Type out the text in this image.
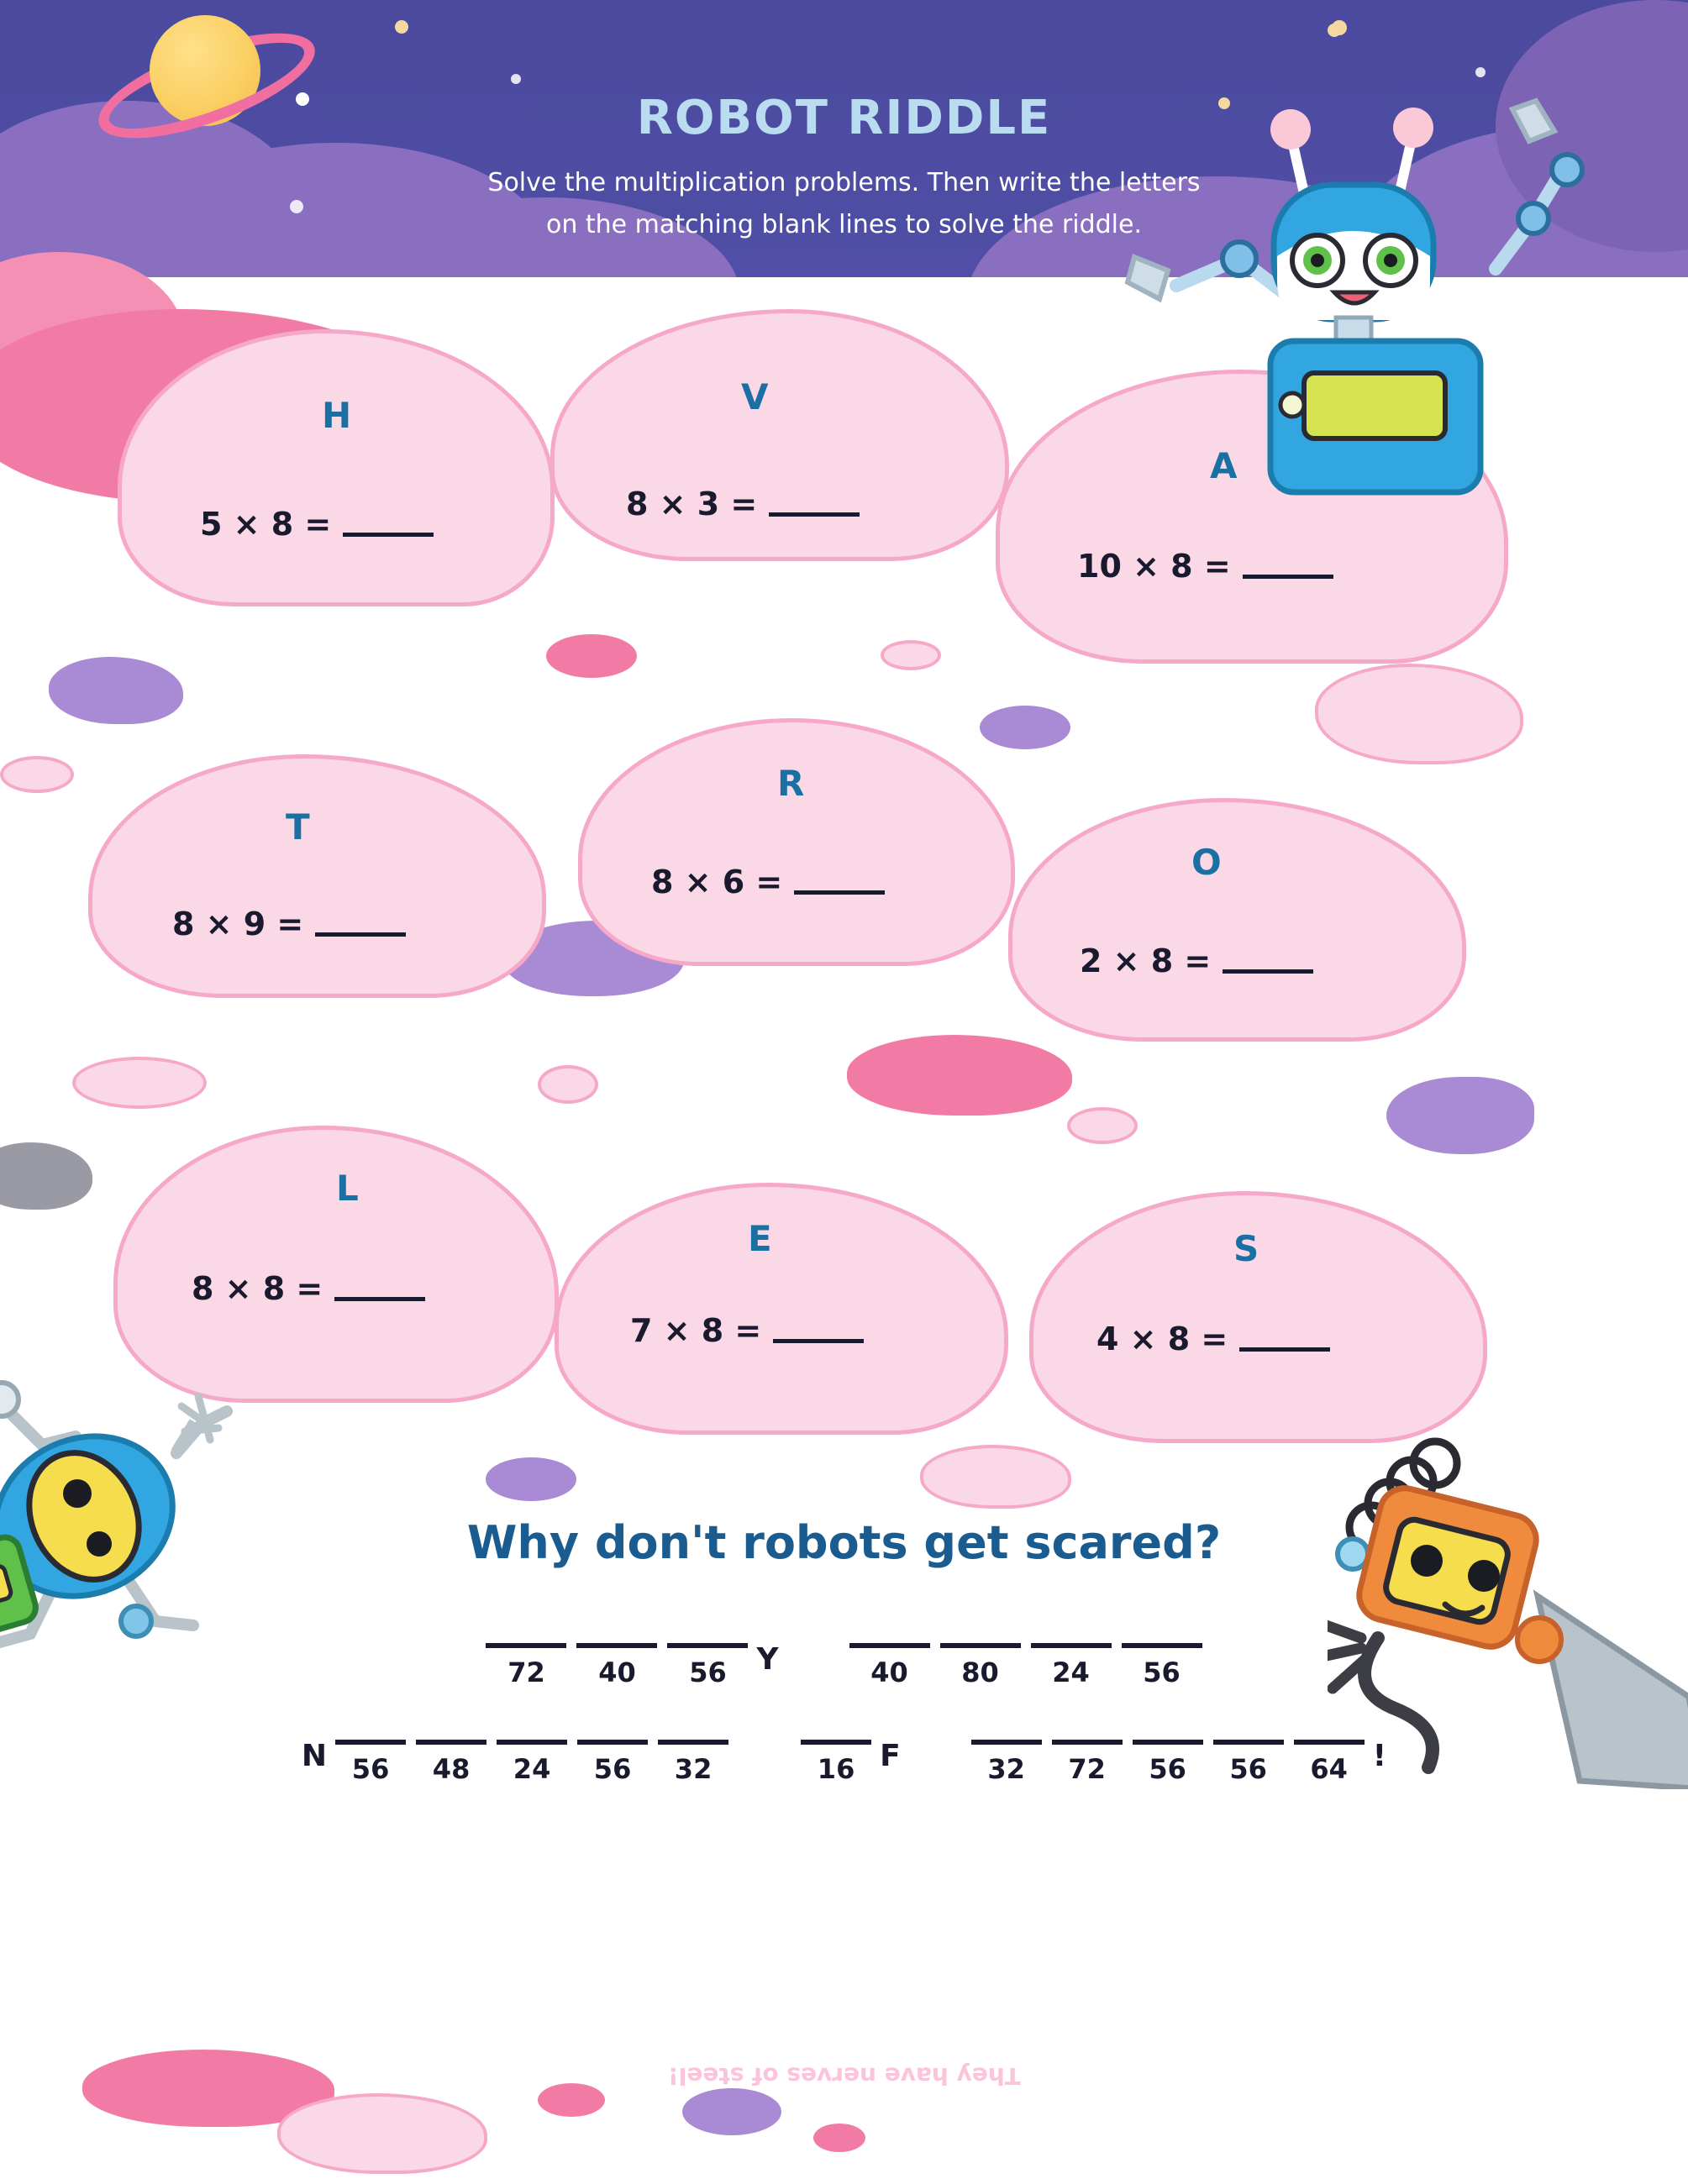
ROBOT RIDDLE
Solve the multiplication problems. Then write the letters
on the matching blank lines to solve the riddle.
H
5 × 8 =
V
8 × 3 =
A
10 × 8 =
T
8 × 9 =
R
8 × 6 =	O
2 × 8 =
L
8 × 8 =
E
7 × 8 =
S
4 × 8 =
Why don't robots get scared?
72	40	56 Y	40	80	24	56
N 56	48	24	56	32	16 F	32	72	56	56	64 !
They have nerves of steel!
